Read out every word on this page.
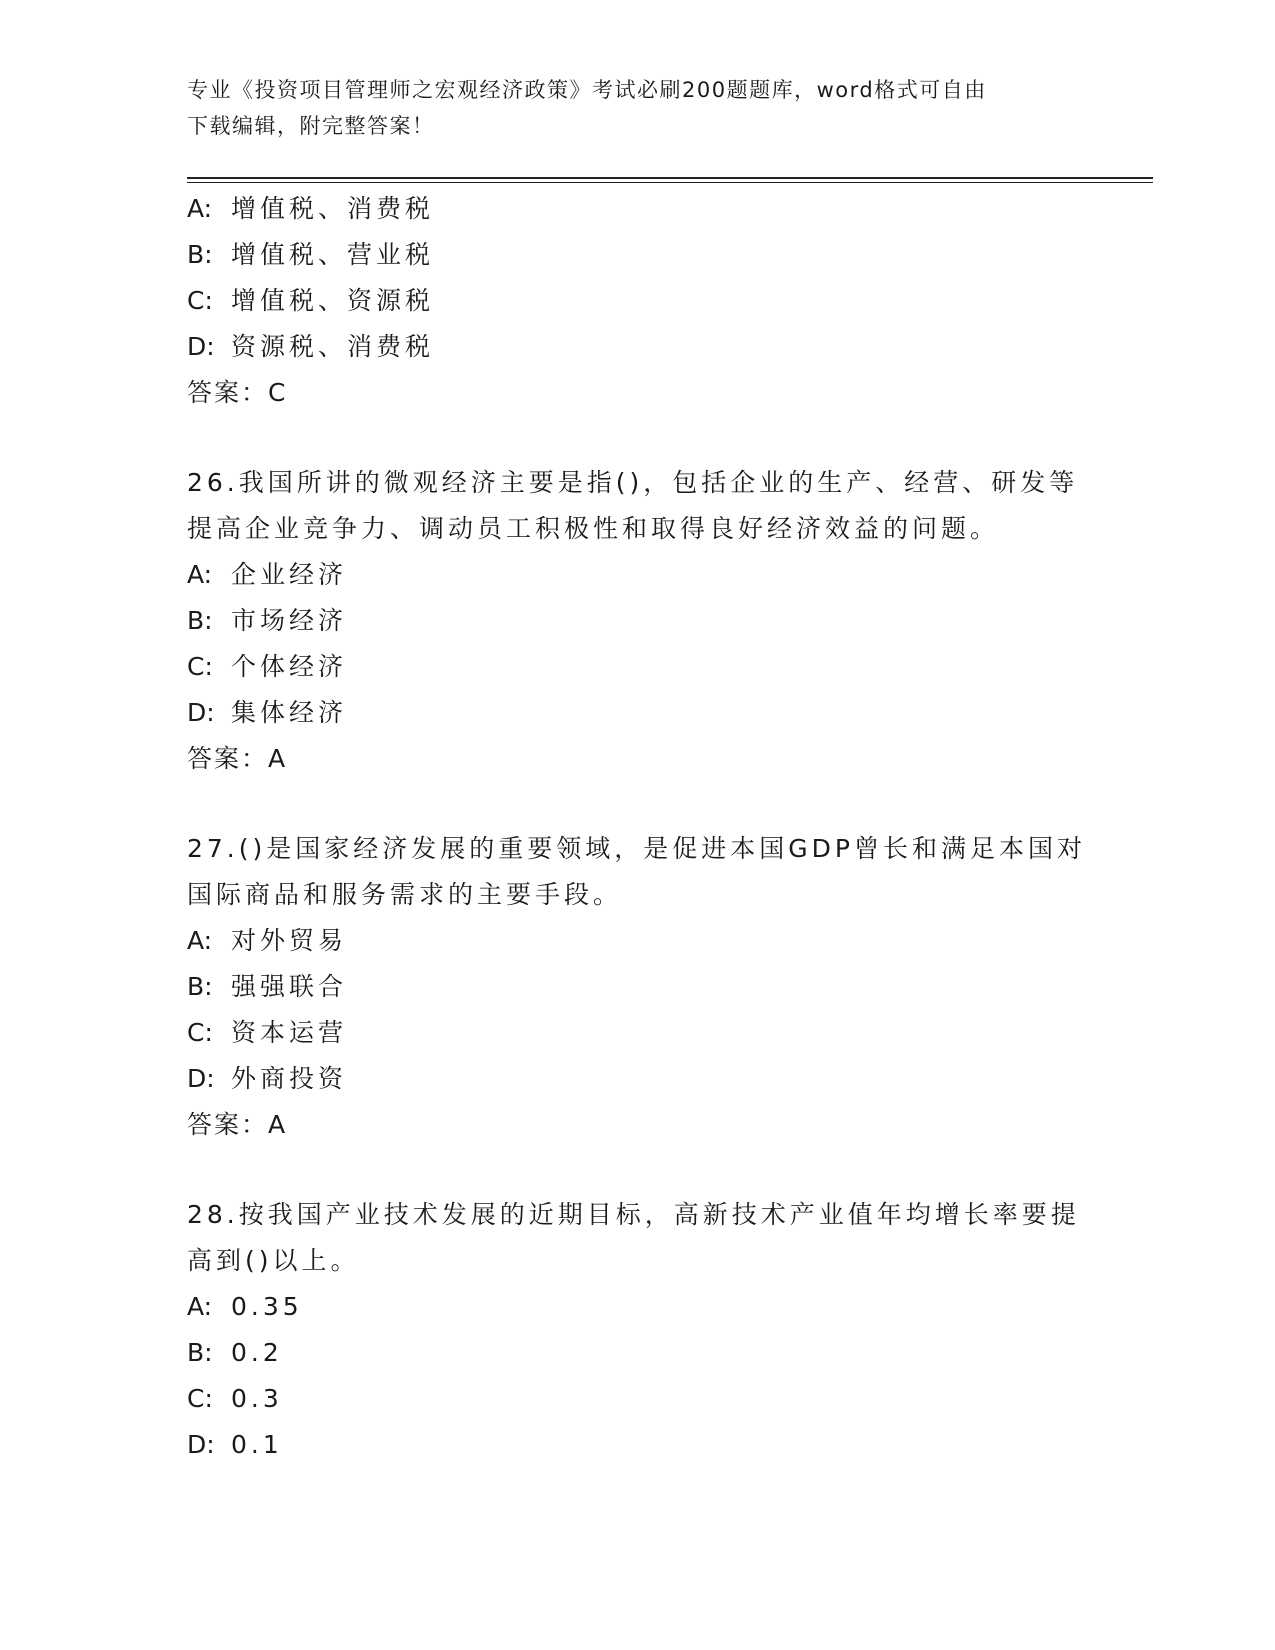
专业《投资项目管理师之宏观经济政策》考试必刷200题题库，word格式可自由
下载编辑，附完整答案！
A: 增值税、消费税
B: 增值税、营业税
C: 增值税、资源税
D: 资源税、消费税
答案：C
26.我国所讲的微观经济主要是指()，包括企业的生产、经营、研发等
提高企业竞争力、调动员工积极性和取得良好经济效益的问题。
A: 企业经济
B: 市场经济
C: 个体经济
D: 集体经济
答案：A
27.()是国家经济发展的重要领域，是促进本国GDP曾长和满足本国对
国际商品和服务需求的主要手段。
A: 对外贸易
B: 强强联合
C: 资本运营
D: 外商投资
答案：A
28.按我国产业技术发展的近期目标，高新技术产业值年均增长率要提
高到()以上。
A: 0.35
B: 0.2
C: 0.3
D: 0.1
